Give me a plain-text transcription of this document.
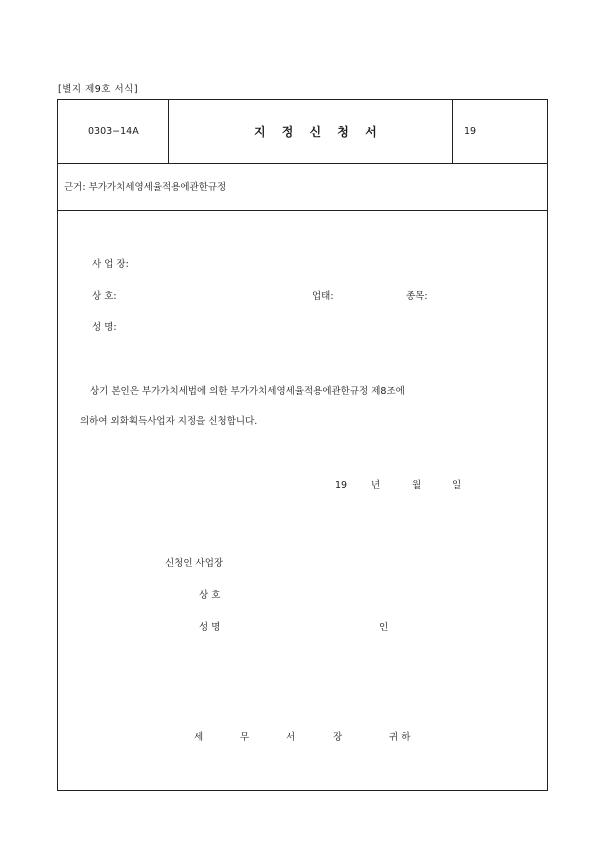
[별지 제9호 서식]
0303−14A	지 정 신 청 서	19
근거: 부가가치세영세율적용에관한규정
사 업 장:
상 호:	업태:	종목:
성 명:
상기 본인은 부가가치세법에 의한 부가가치세영세율적용에관한규정 제8조에
의하여 외화획득사업자 지정을 신청합니다.
19	년	월	일
신청인 사업장
상 호
성 명	인
세	무	서	장	귀 하
